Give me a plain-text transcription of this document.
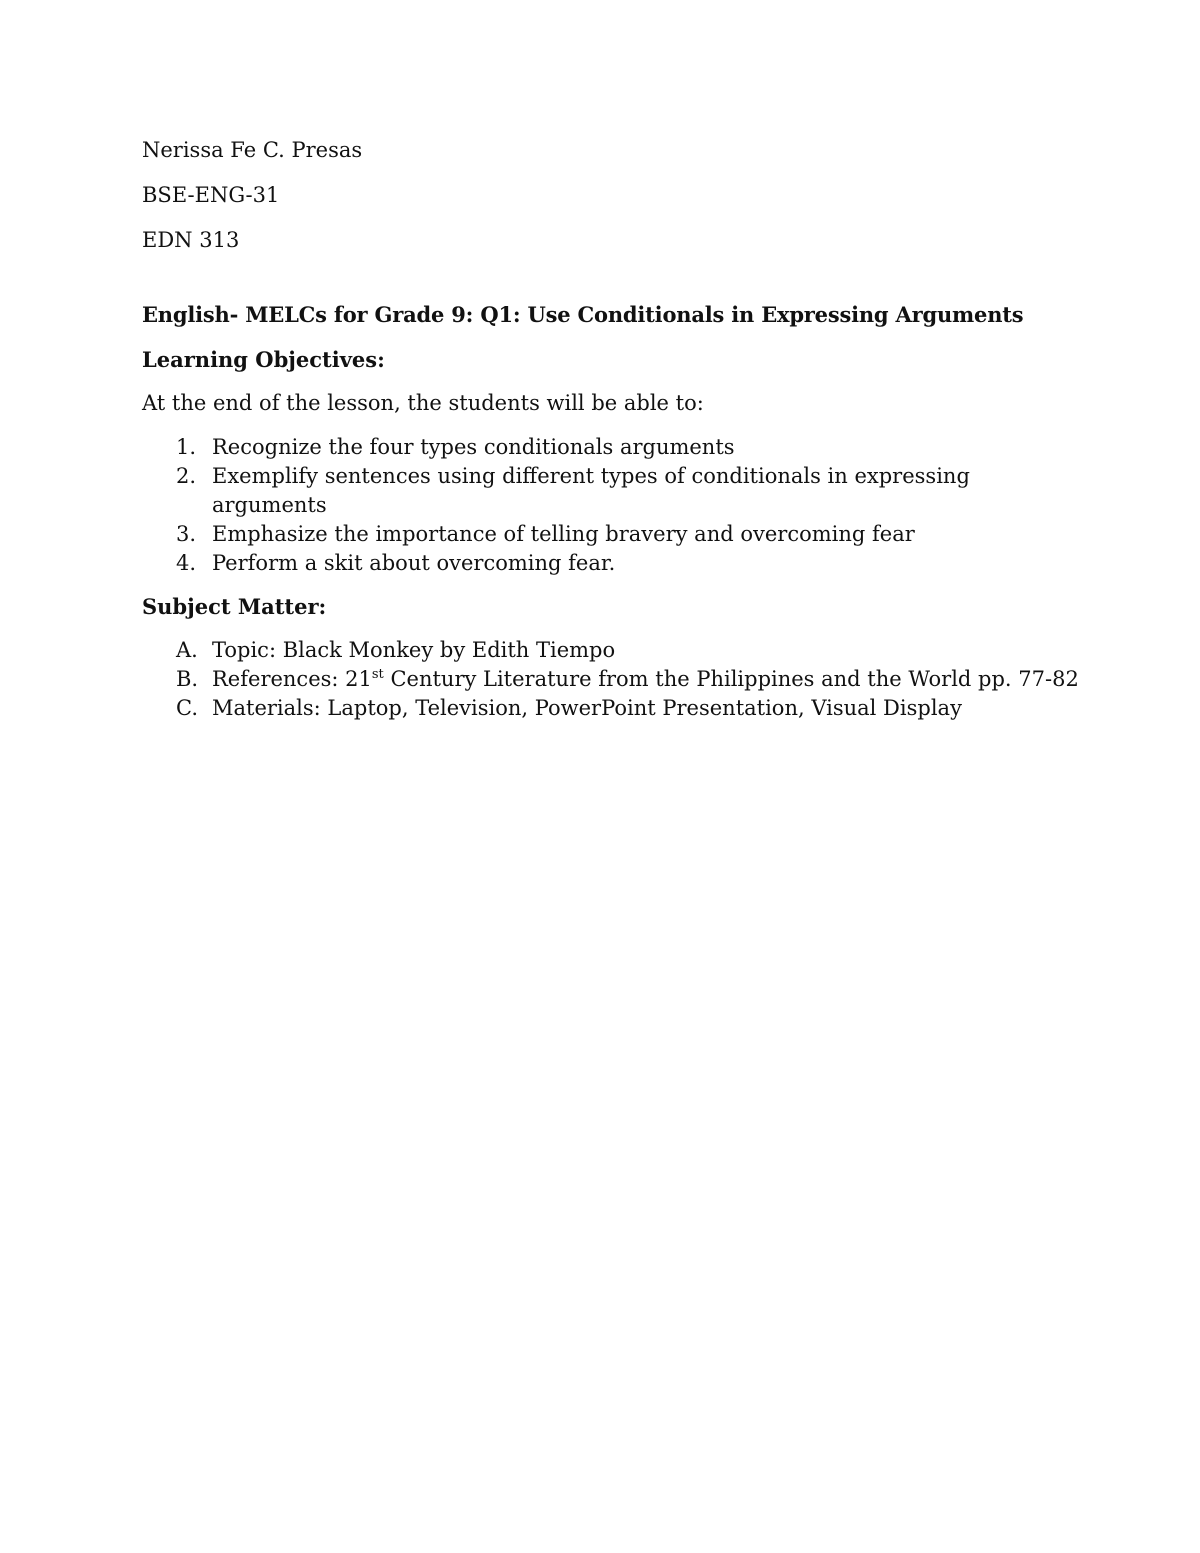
Nerissa Fe C. Presas
BSE-ENG-31
EDN 313
English- MELCs for Grade 9: Q1: Use Conditionals in Expressing Arguments
Learning Objectives:
At the end of the lesson, the students will be able to:
1. Recognize the four types conditionals arguments
2. Exemplify sentences using different types of conditionals in expressing arguments
3. Emphasize the importance of telling bravery and overcoming fear
4. Perform a skit about overcoming fear.
Subject Matter:
A. Topic: Black Monkey by Edith Tiempo
B. References: 21st Century Literature from the Philippines and the World pp. 77-82
C. Materials: Laptop, Television, PowerPoint Presentation, Visual Display
